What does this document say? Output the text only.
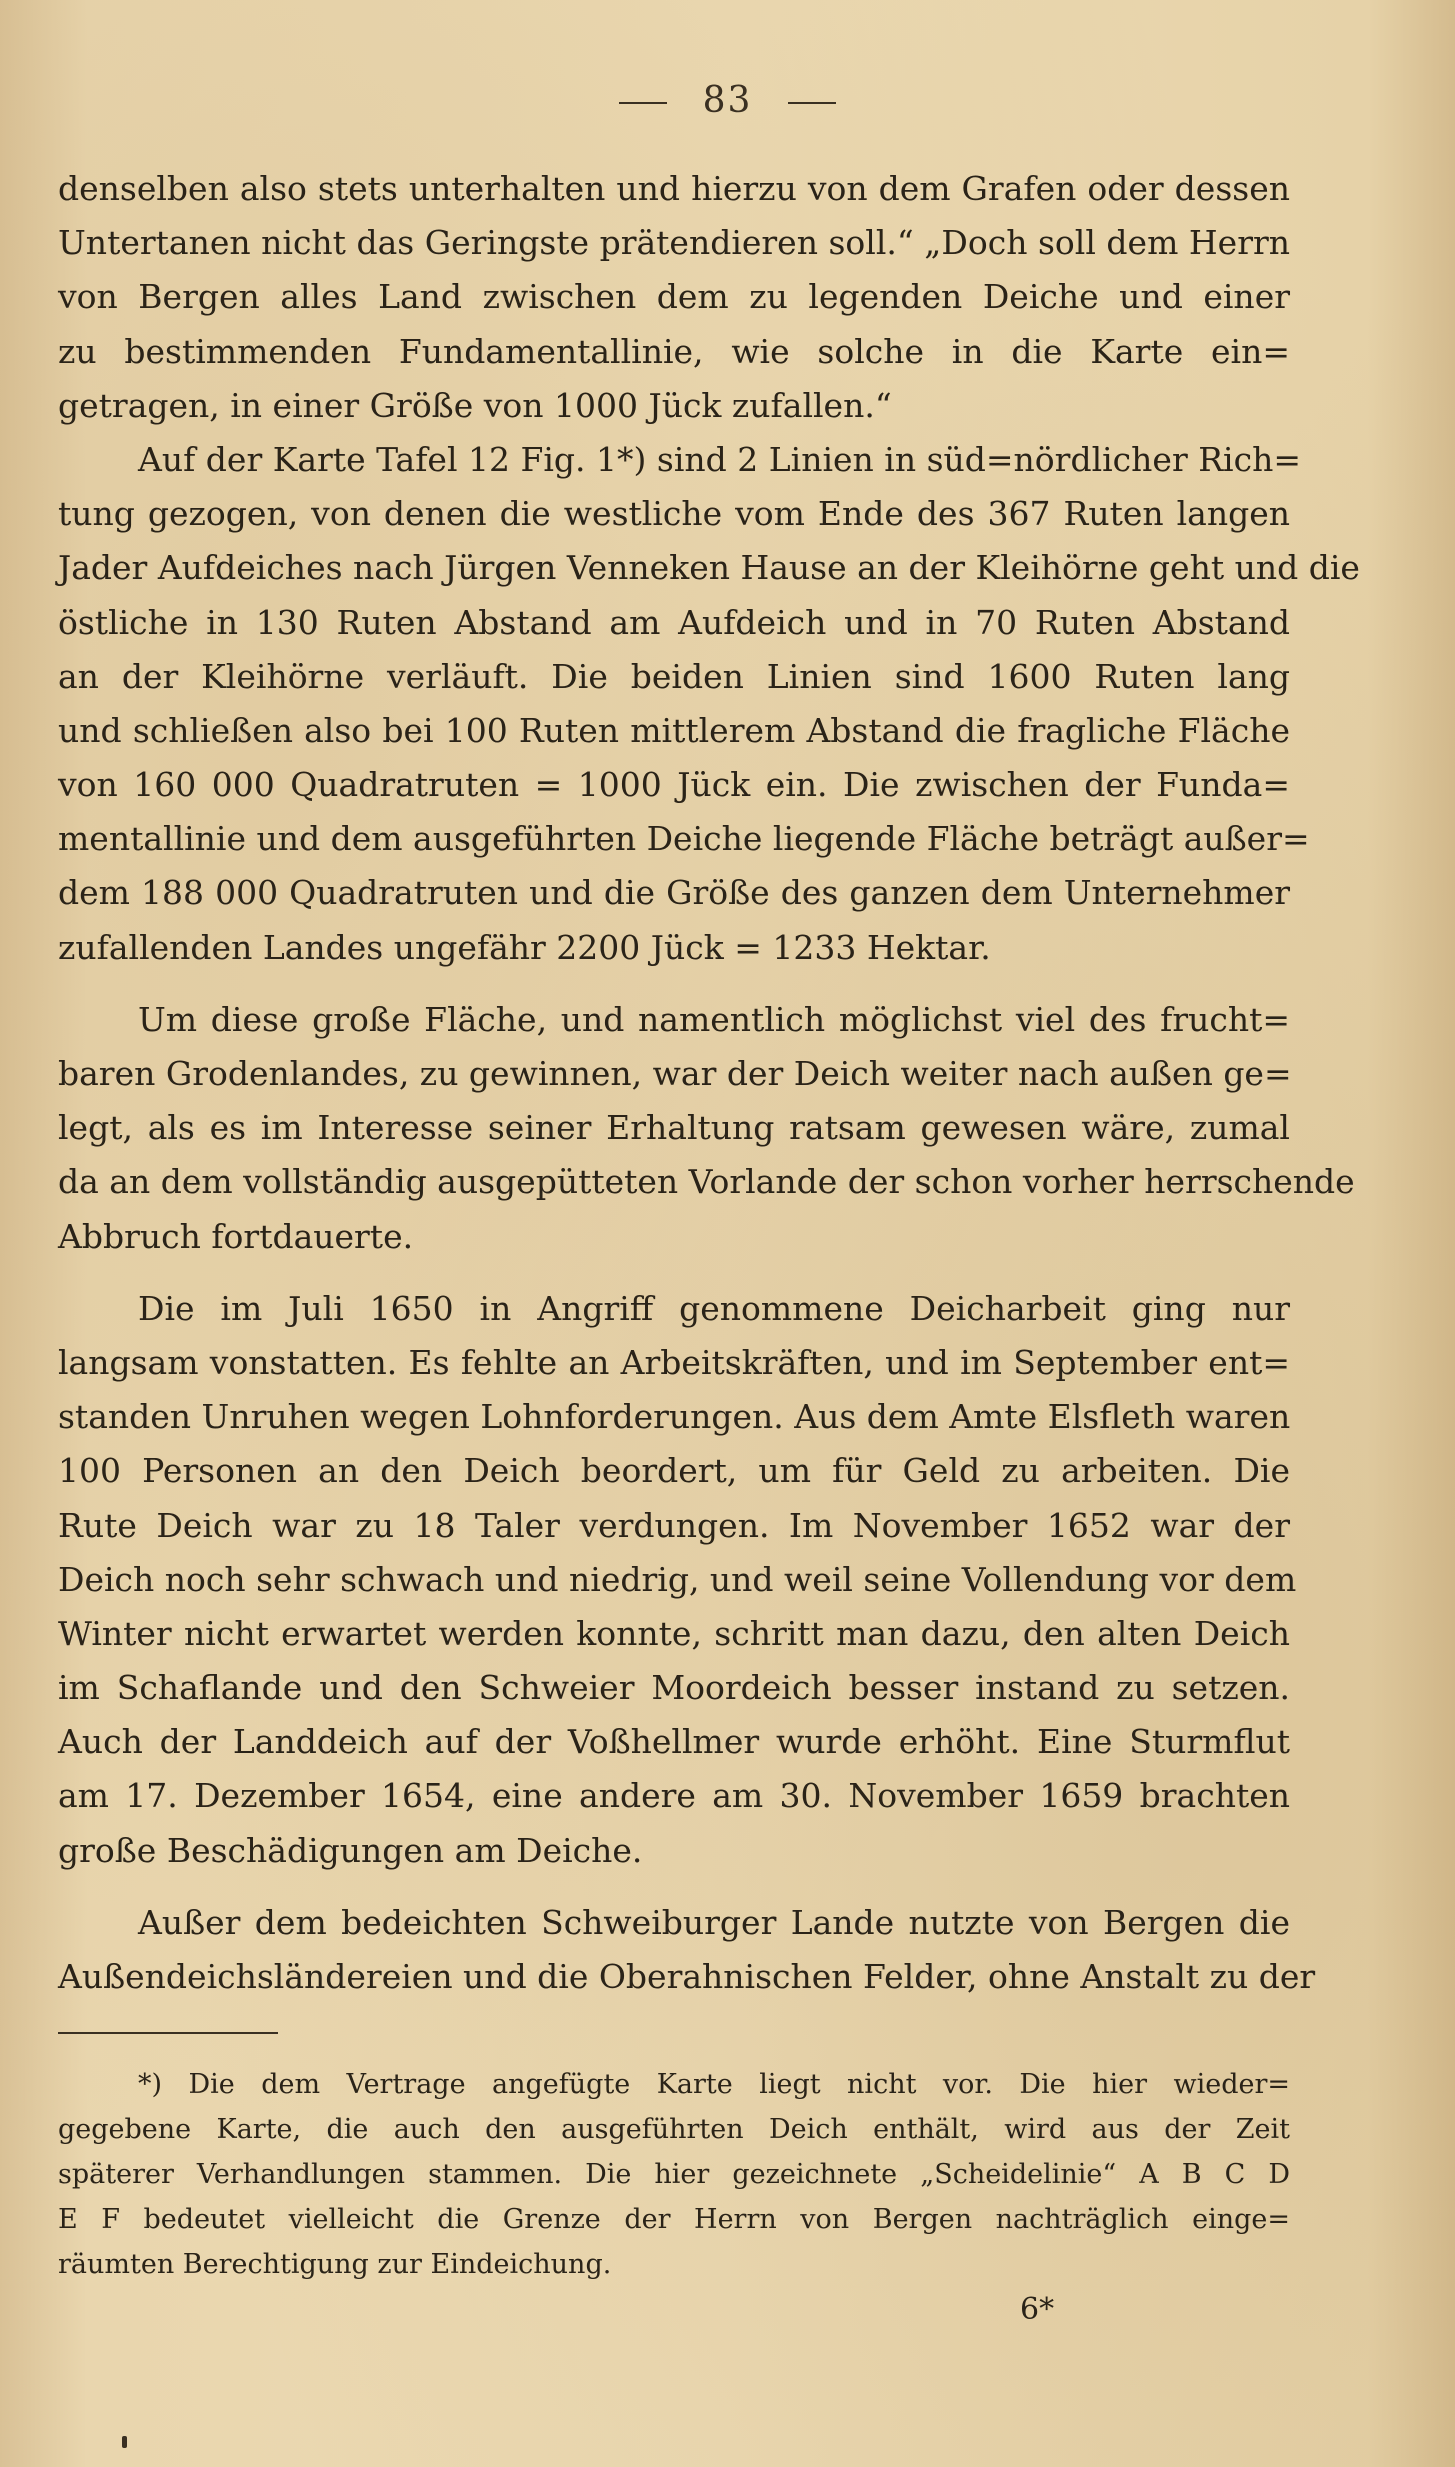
83
denselben also stets unterhalten und hierzu von dem Grafen oder dessen
Untertanen nicht das Geringste prätendieren soll.“ „Doch soll dem Herrn
von Bergen alles Land zwischen dem zu legenden Deiche und einer
zu bestimmenden Fundamentallinie, wie solche in die Karte ein=
getragen, in einer Größe von 1000 Jück zufallen.“
Auf der Karte Tafel 12 Fig. 1*) sind 2 Linien in süd=nördlicher Rich=
tung gezogen, von denen die westliche vom Ende des 367 Ruten langen
Jader Aufdeiches nach Jürgen Venneken Hause an der Kleihörne geht und die
östliche in 130 Ruten Abstand am Aufdeich und in 70 Ruten Abstand
an der Kleihörne verläuft. Die beiden Linien sind 1600 Ruten lang
und schließen also bei 100 Ruten mittlerem Abstand die fragliche Fläche
von 160 000 Quadratruten = 1000 Jück ein. Die zwischen der Funda=
mentallinie und dem ausgeführten Deiche liegende Fläche beträgt außer=
dem 188 000 Quadratruten und die Größe des ganzen dem Unternehmer
zufallenden Landes ungefähr 2200 Jück = 1233 Hektar.
Um diese große Fläche, und namentlich möglichst viel des frucht=
baren Grodenlandes, zu gewinnen, war der Deich weiter nach außen ge=
legt, als es im Interesse seiner Erhaltung ratsam gewesen wäre, zumal
da an dem vollständig ausgepütteten Vorlande der schon vorher herrschende
Abbruch fortdauerte.
Die im Juli 1650 in Angriff genommene Deicharbeit ging nur
langsam vonstatten. Es fehlte an Arbeitskräften, und im September ent=
standen Unruhen wegen Lohnforderungen. Aus dem Amte Elsfleth waren
100 Personen an den Deich beordert, um für Geld zu arbeiten. Die
Rute Deich war zu 18 Taler verdungen. Im November 1652 war der
Deich noch sehr schwach und niedrig, und weil seine Vollendung vor dem
Winter nicht erwartet werden konnte, schritt man dazu, den alten Deich
im Schaflande und den Schweier Moordeich besser instand zu setzen.
Auch der Landdeich auf der Voßhellmer wurde erhöht. Eine Sturmflut
am 17. Dezember 1654, eine andere am 30. November 1659 brachten
große Beschädigungen am Deiche.
Außer dem bedeichten Schweiburger Lande nutzte von Bergen die
Außendeichsländereien und die Oberahnischen Felder, ohne Anstalt zu der
*) Die dem Vertrage angefügte Karte liegt nicht vor. Die hier wieder=
gegebene Karte, die auch den ausgeführten Deich enthält, wird aus der Zeit
späterer Verhandlungen stammen. Die hier gezeichnete „Scheidelinie“ A B C D
E F bedeutet vielleicht die Grenze der Herrn von Bergen nachträglich einge=
räumten Berechtigung zur Eindeichung.
6*
